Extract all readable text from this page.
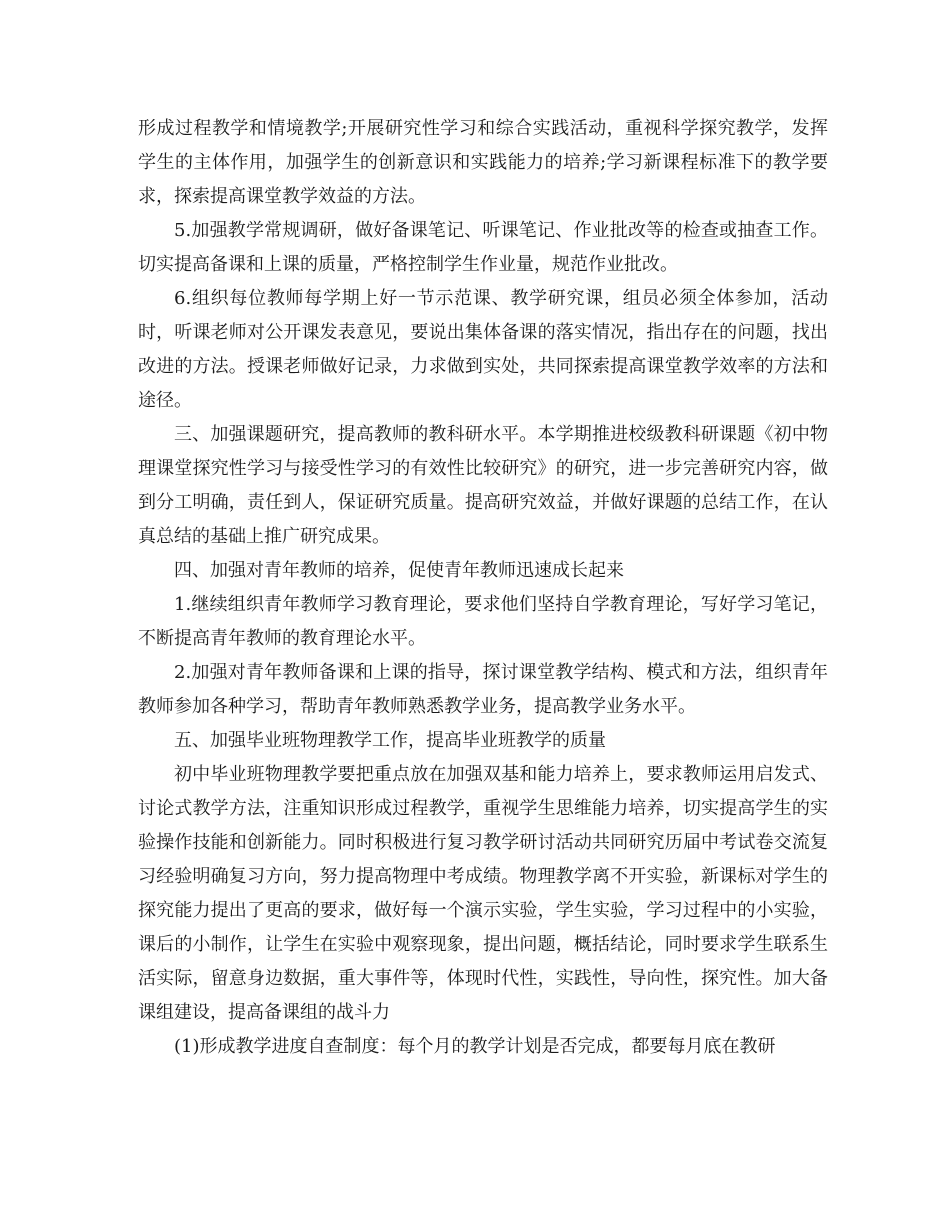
形成过程教学和情境教学;开展研究性学习和综合实践活动，重视科学探究教学，发挥学生的主体作用，加强学生的创新意识和实践能力的培养;学习新课程标准下的教学要求，探索提高课堂教学效益的方法。

5.加强教学常规调研，做好备课笔记、听课笔记、作业批改等的检查或抽查工作。切实提高备课和上课的质量，严格控制学生作业量，规范作业批改。

6.组织每位教师每学期上好一节示范课、教学研究课，组员必须全体参加，活动时，听课老师对公开课发表意见，要说出集体备课的落实情况，指出存在的问题，找出改进的方法。授课老师做好记录，力求做到实处，共同探索提高课堂教学效率的方法和途径。

三、加强课题研究，提高教师的教科研水平。本学期推进校级教科研课题《初中物理课堂探究性学习与接受性学习的有效性比较研究》的研究，进一步完善研究内容，做到分工明确，责任到人，保证研究质量。提高研究效益，并做好课题的总结工作，在认真总结的基础上推广研究成果。

四、加强对青年教师的培养，促使青年教师迅速成长起来

1.继续组织青年教师学习教育理论，要求他们坚持自学教育理论，写好学习笔记，不断提高青年教师的教育理论水平。

2.加强对青年教师备课和上课的指导，探讨课堂教学结构、模式和方法，组织青年教师参加各种学习，帮助青年教师熟悉教学业务，提高教学业务水平。

五、加强毕业班物理教学工作，提高毕业班教学的质量

初中毕业班物理教学要把重点放在加强双基和能力培养上，要求教师运用启发式、讨论式教学方法，注重知识形成过程教学，重视学生思维能力培养，切实提高学生的实验操作技能和创新能力。同时积极进行复习教学研讨活动共同研究历届中考试卷交流复习经验明确复习方向，努力提高物理中考成绩。物理教学离不开实验，新课标对学生的探究能力提出了更高的要求，做好每一个演示实验，学生实验，学习过程中的小实验，课后的小制作，让学生在实验中观察现象，提出问题，概括结论，同时要求学生联系生活实际，留意身边数据，重大事件等，体现时代性，实践性，导向性，探究性。加大备课组建设，提高备课组的战斗力

(1)形成教学进度自查制度：每个月的教学计划是否完成，都要每月底在教研
